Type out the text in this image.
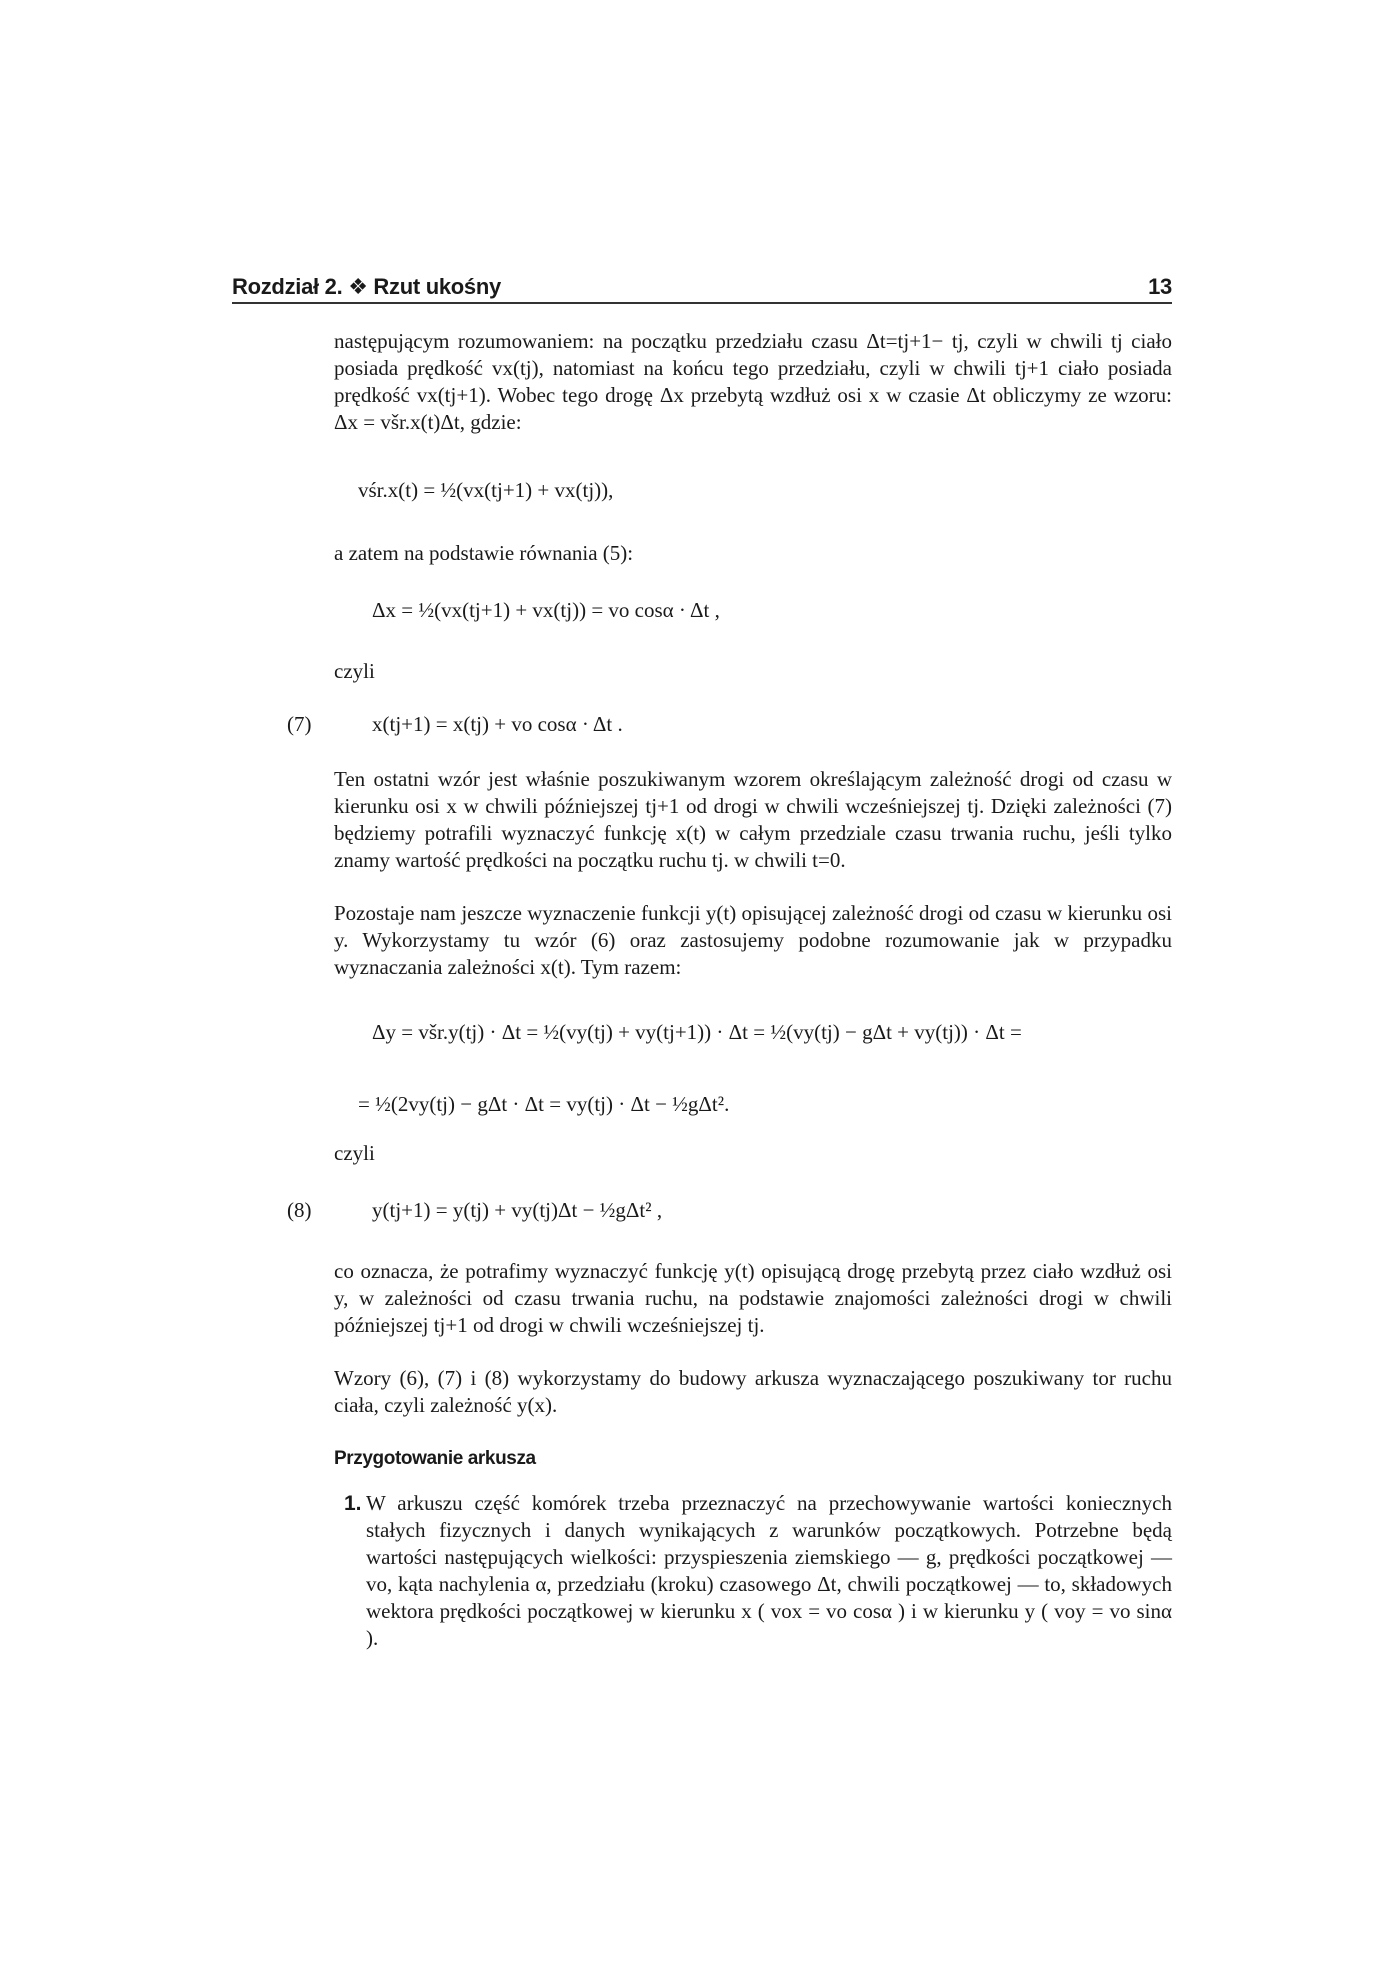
Rozdział 2. ❖ Rzut ukośny	13

następującym rozumowaniem: na początku przedziału czasu Δt=tj+1− tj, czyli w chwili tj ciało posiada prędkość vx(tj), natomiast na końcu tego przedziału, czyli w chwili tj+1 ciało posiada prędkość vx(tj+1). Wobec tego drogę Δx przebytą wzdłuż osi x w czasie Δt obliczymy ze wzoru: Δx = všr.x(t)Δt, gdzie:

vśr.x(t) = ½(vx(tj+1) + vx(tj)),

a zatem na podstawie równania (5):

Δx = ½(vx(tj+1) + vx(tj)) = vo cosα · Δt ,

czyli

(7)	x(tj+1) = x(tj) + vo cosα · Δt .

Ten ostatni wzór jest właśnie poszukiwanym wzorem określającym zależność drogi od czasu w kierunku osi x w chwili późniejszej tj+1 od drogi w chwili wcześniejszej tj. Dzięki zależności (7) będziemy potrafili wyznaczyć funkcję x(t) w całym przedziale czasu trwania ruchu, jeśli tylko znamy wartość prędkości na początku ruchu tj. w chwili t=0.

Pozostaje nam jeszcze wyznaczenie funkcji y(t) opisującej zależność drogi od czasu w kierunku osi y. Wykorzystamy tu wzór (6) oraz zastosujemy podobne rozumowanie jak w przypadku wyznaczania zależności x(t). Tym razem:

Δy = všr.y(tj) · Δt = ½(vy(tj) + vy(tj+1)) · Δt = ½(vy(tj) − gΔt + vy(tj)) · Δt =
= ½(2vy(tj) − gΔt · Δt = vy(tj) · Δt − ½gΔt².

czyli

(8)	y(tj+1) = y(tj) + vy(tj)Δt − ½gΔt² ,

co oznacza, że potrafimy wyznaczyć funkcję y(t) opisującą drogę przebytą przez ciało wzdłuż osi y, w zależności od czasu trwania ruchu, na podstawie znajomości zależności drogi w chwili późniejszej tj+1 od drogi w chwili wcześniejszej tj.

Wzory (6), (7) i (8) wykorzystamy do budowy arkusza wyznaczającego poszukiwany tor ruchu ciała, czyli zależność y(x).

Przygotowanie arkusza
1. W arkuszu część komórek trzeba przeznaczyć na przechowywanie wartości koniecznych stałych fizycznych i danych wynikających z warunków początkowych. Potrzebne będą wartości następujących wielkości: przyspieszenia ziemskiego — g, prędkości początkowej — vo, kąta nachylenia α, przedziału (kroku) czasowego Δt, chwili początkowej — to, składowych wektora prędkości początkowej w kierunku x ( vox = vo cosα ) i w kierunku y ( voy = vo sinα ).
